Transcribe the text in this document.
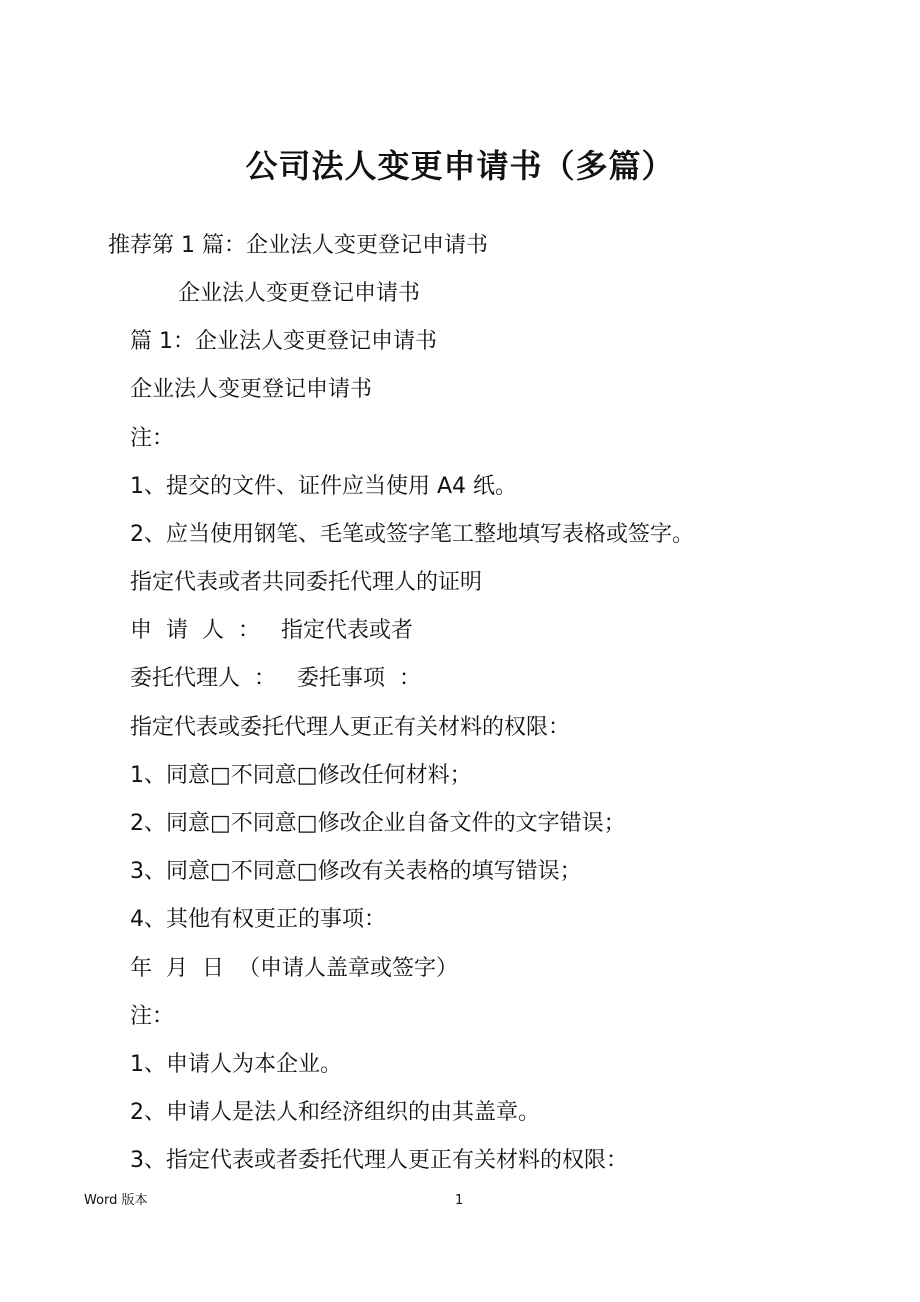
公司法人变更申请书（多篇）
推荐第 1 篇：企业法人变更登记申请书
企业法人变更登记申请书
篇 1：企业法人变更登记申请书
企业法人变更登记申请书
注：
1、提交的文件、证件应当使用 A4 纸。
2、应当使用钢笔、毛笔或签字笔工整地填写表格或签字。
指定代表或者共同委托代理人的证明
申  请  人  ：   指定代表或者
委托代理人  ：   委托事项  ：
指定代表或委托代理人更正有关材料的权限：
1、同意□不同意□修改任何材料；
2、同意□不同意□修改企业自备文件的文字错误；
3、同意□不同意□修改有关表格的填写错误；
4、其他有权更正的事项：
年  月  日  （申请人盖章或签字）
注：
1、申请人为本企业。
2、申请人是法人和经济组织的由其盖章。
3、指定代表或者委托代理人更正有关材料的权限：
Word 版本	1
